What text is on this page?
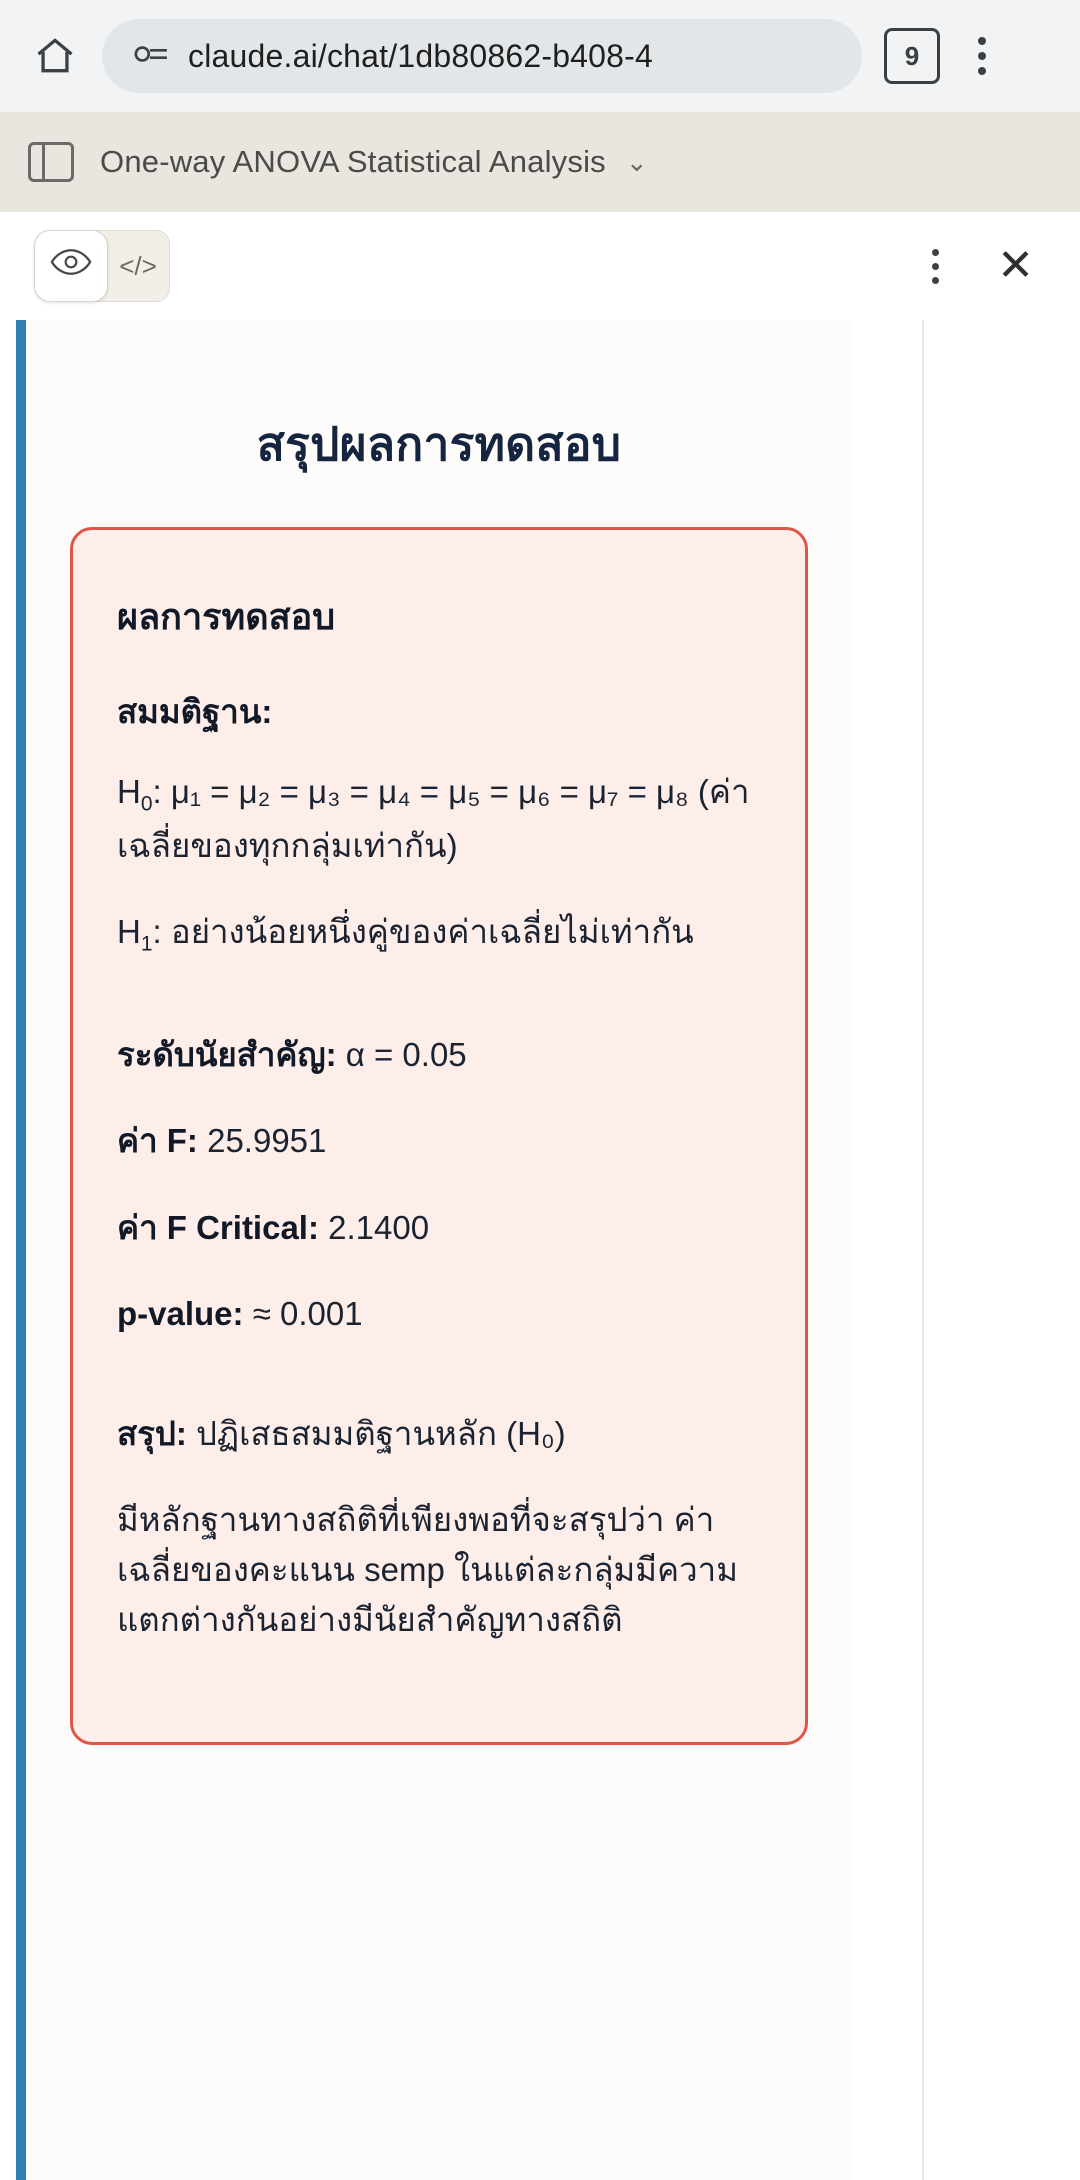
claude.ai/chat/1db80862-b408-4	9
One-way ANOVA Statistical Analysis ⌄
</>	✕
สรุปผลการทดสอบ
ผลการทดสอบ
สมมติฐาน:
$H_0$: μ₁ = μ₂ = μ₃ = μ₄ = μ₅ = μ₆ = μ₇ = μ₈ (ค่าเฉลี่ยของทุกกลุ่มเท่ากัน)
$H_1$: อย่างน้อยหนึ่งคู่ของค่าเฉลี่ยไม่เท่ากัน
ระดับนัยสำคัญ: α = 0.05
ค่า F: 25.9951
ค่า F Critical: 2.1400
p-value: ≈ 0.001
สรุป: ปฏิเสธสมมติฐานหลัก (H₀)
มีหลักฐานทางสถิติที่เพียงพอที่จะสรุปว่า ค่าเฉลี่ยของคะแนน semp ในแต่ละกลุ่มมีความแตกต่างกันอย่างมีนัยสำคัญทางสถิติ
